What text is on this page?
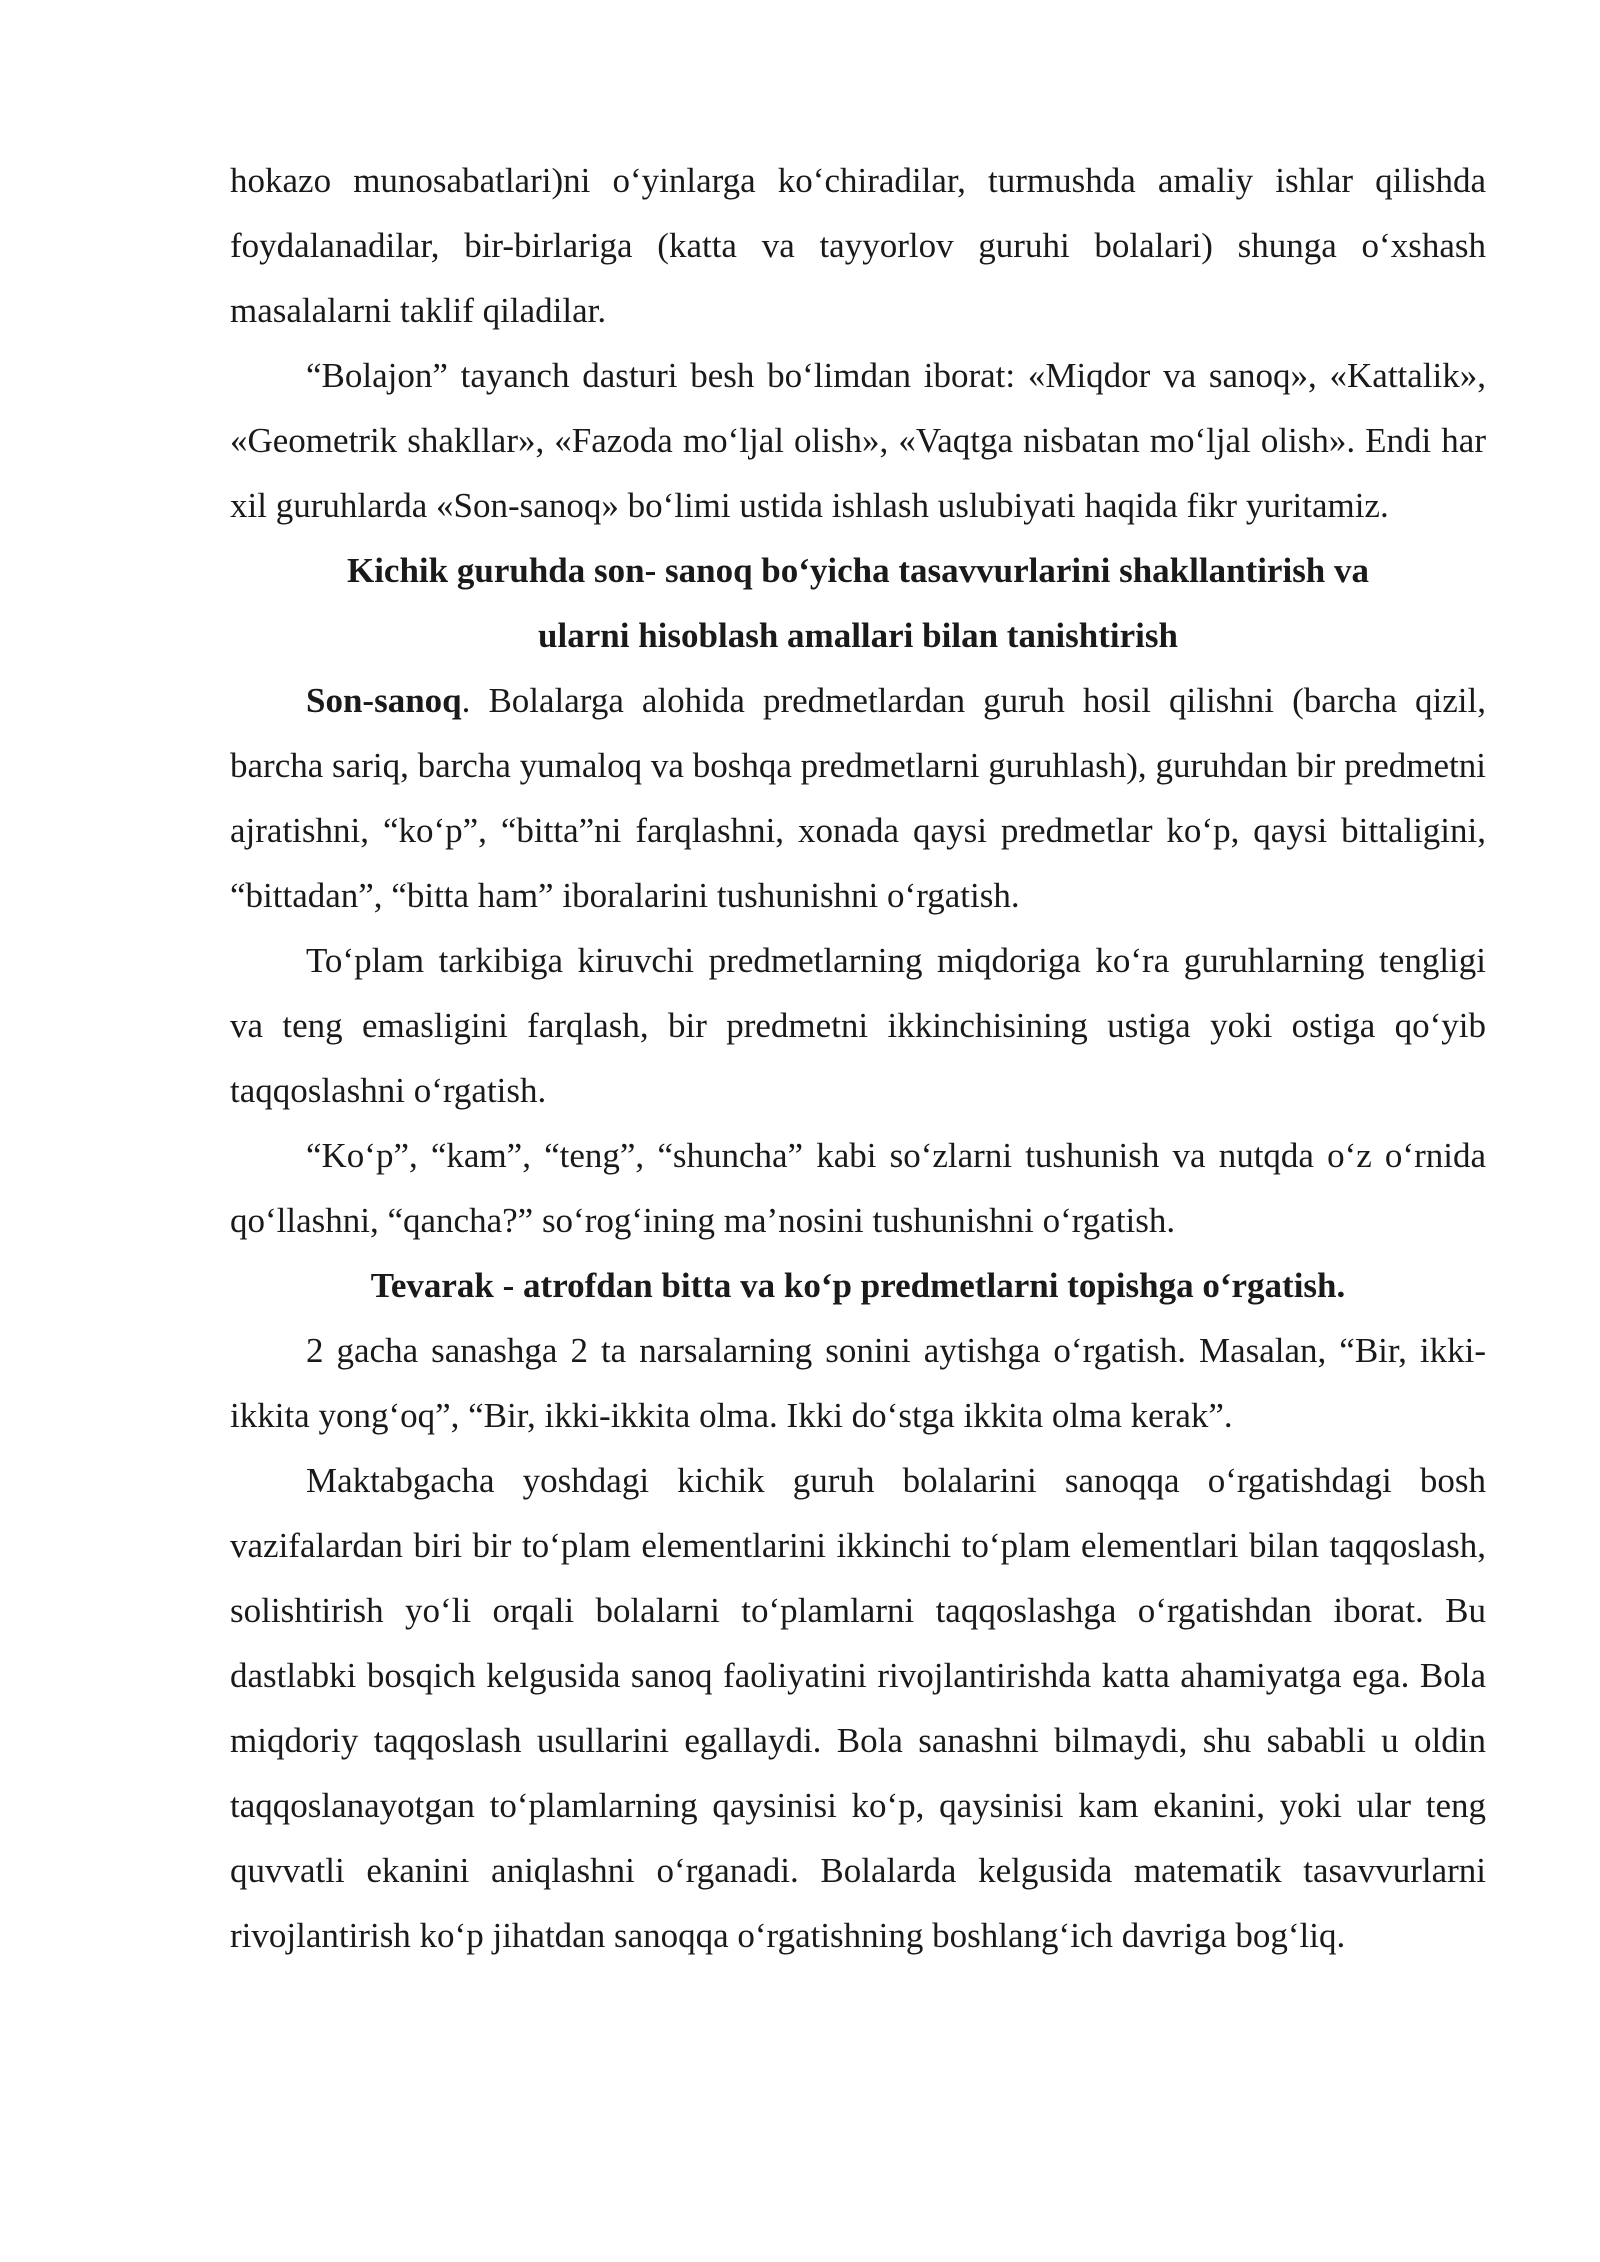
hokazo munosabatlari)ni o‘yinlarga ko‘chiradilar, turmushda amaliy ishlar qilishda foydalanadilar, bir-birlariga (katta va tayyorlov guruhi bolalari) shunga o‘xshash masalalarni taklif qiladilar.

“Bolajon” tayanch dasturi besh bo‘limdan iborat: «Miqdor va sanoq», «Kattalik», «Geometrik shakllar», «Fazoda mo‘ljal olish», «Vaqtga nisbatan mo‘ljal olish». Endi har xil guruhlarda «Son-sanoq» bo‘limi ustida ishlash uslubiyati haqida fikr yuritamiz.

Kichik guruhda son- sanoq bo‘yicha tasavvurlarini shakllantirish va

ularni hisoblash amallari bilan tanishtirish

Son-sanoq. Bolalarga alohida predmetlardan guruh hosil qilishni (barcha qizil, barcha sariq, barcha yumaloq va boshqa predmetlarni guruhlash), guruhdan bir predmetni ajratishni, “ko‘p”, “bitta”ni farqlashni, xonada qaysi predmetlar ko‘p, qaysi bittaligini, “bittadan”, “bitta ham” iboralarini tushunishni o‘rgatish.

To‘plam tarkibiga kiruvchi predmetlarning miqdoriga ko‘ra guruhlarning tengligi va teng emasligini farqlash, bir predmetni ikkinchisining ustiga yoki ostiga qo‘yib taqqoslashni o‘rgatish.

“Ko‘p”, “kam”, “teng”, “shuncha” kabi so‘zlarni tushunish va nutqda o‘z o‘rnida qo‘llashni, “qancha?” so‘rog‘ining ma’nosini tushunishni o‘rgatish.

Tevarak - atrofdan bitta va ko‘p predmetlarni topishga o‘rgatish.

2 gacha sanashga 2 ta narsalarning sonini aytishga o‘rgatish. Masalan, “Bir, ikki-ikkita yong‘oq”, “Bir, ikki-ikkita olma. Ikki do‘stga ikkita olma kerak”.

Maktabgacha yoshdagi kichik guruh bolalarini sanoqqa o‘rgatishdagi bosh vazifalardan biri bir to‘plam elementlarini ikkinchi to‘plam elementlari bilan taqqoslash, solishtirish yo‘li orqali bolalarni to‘plamlarni taqqoslashga o‘rgatishdan iborat. Bu dastlabki bosqich kelgusida sanoq faoliyatini rivojlantirishda katta ahamiyatga ega. Bola miqdoriy taqqoslash usullarini egallaydi. Bola sanashni bilmaydi, shu sababli u oldin taqqoslanayotgan to‘plamlarning qaysinisi ko‘p, qaysinisi kam ekanini, yoki ular teng quvvatli ekanini aniqlashni o‘rganadi. Bolalarda kelgusida matematik tasavvurlarni rivojlantirish ko‘p jihatdan sanoqqa o‘rgatishning boshlang‘ich davriga bog‘liq.
